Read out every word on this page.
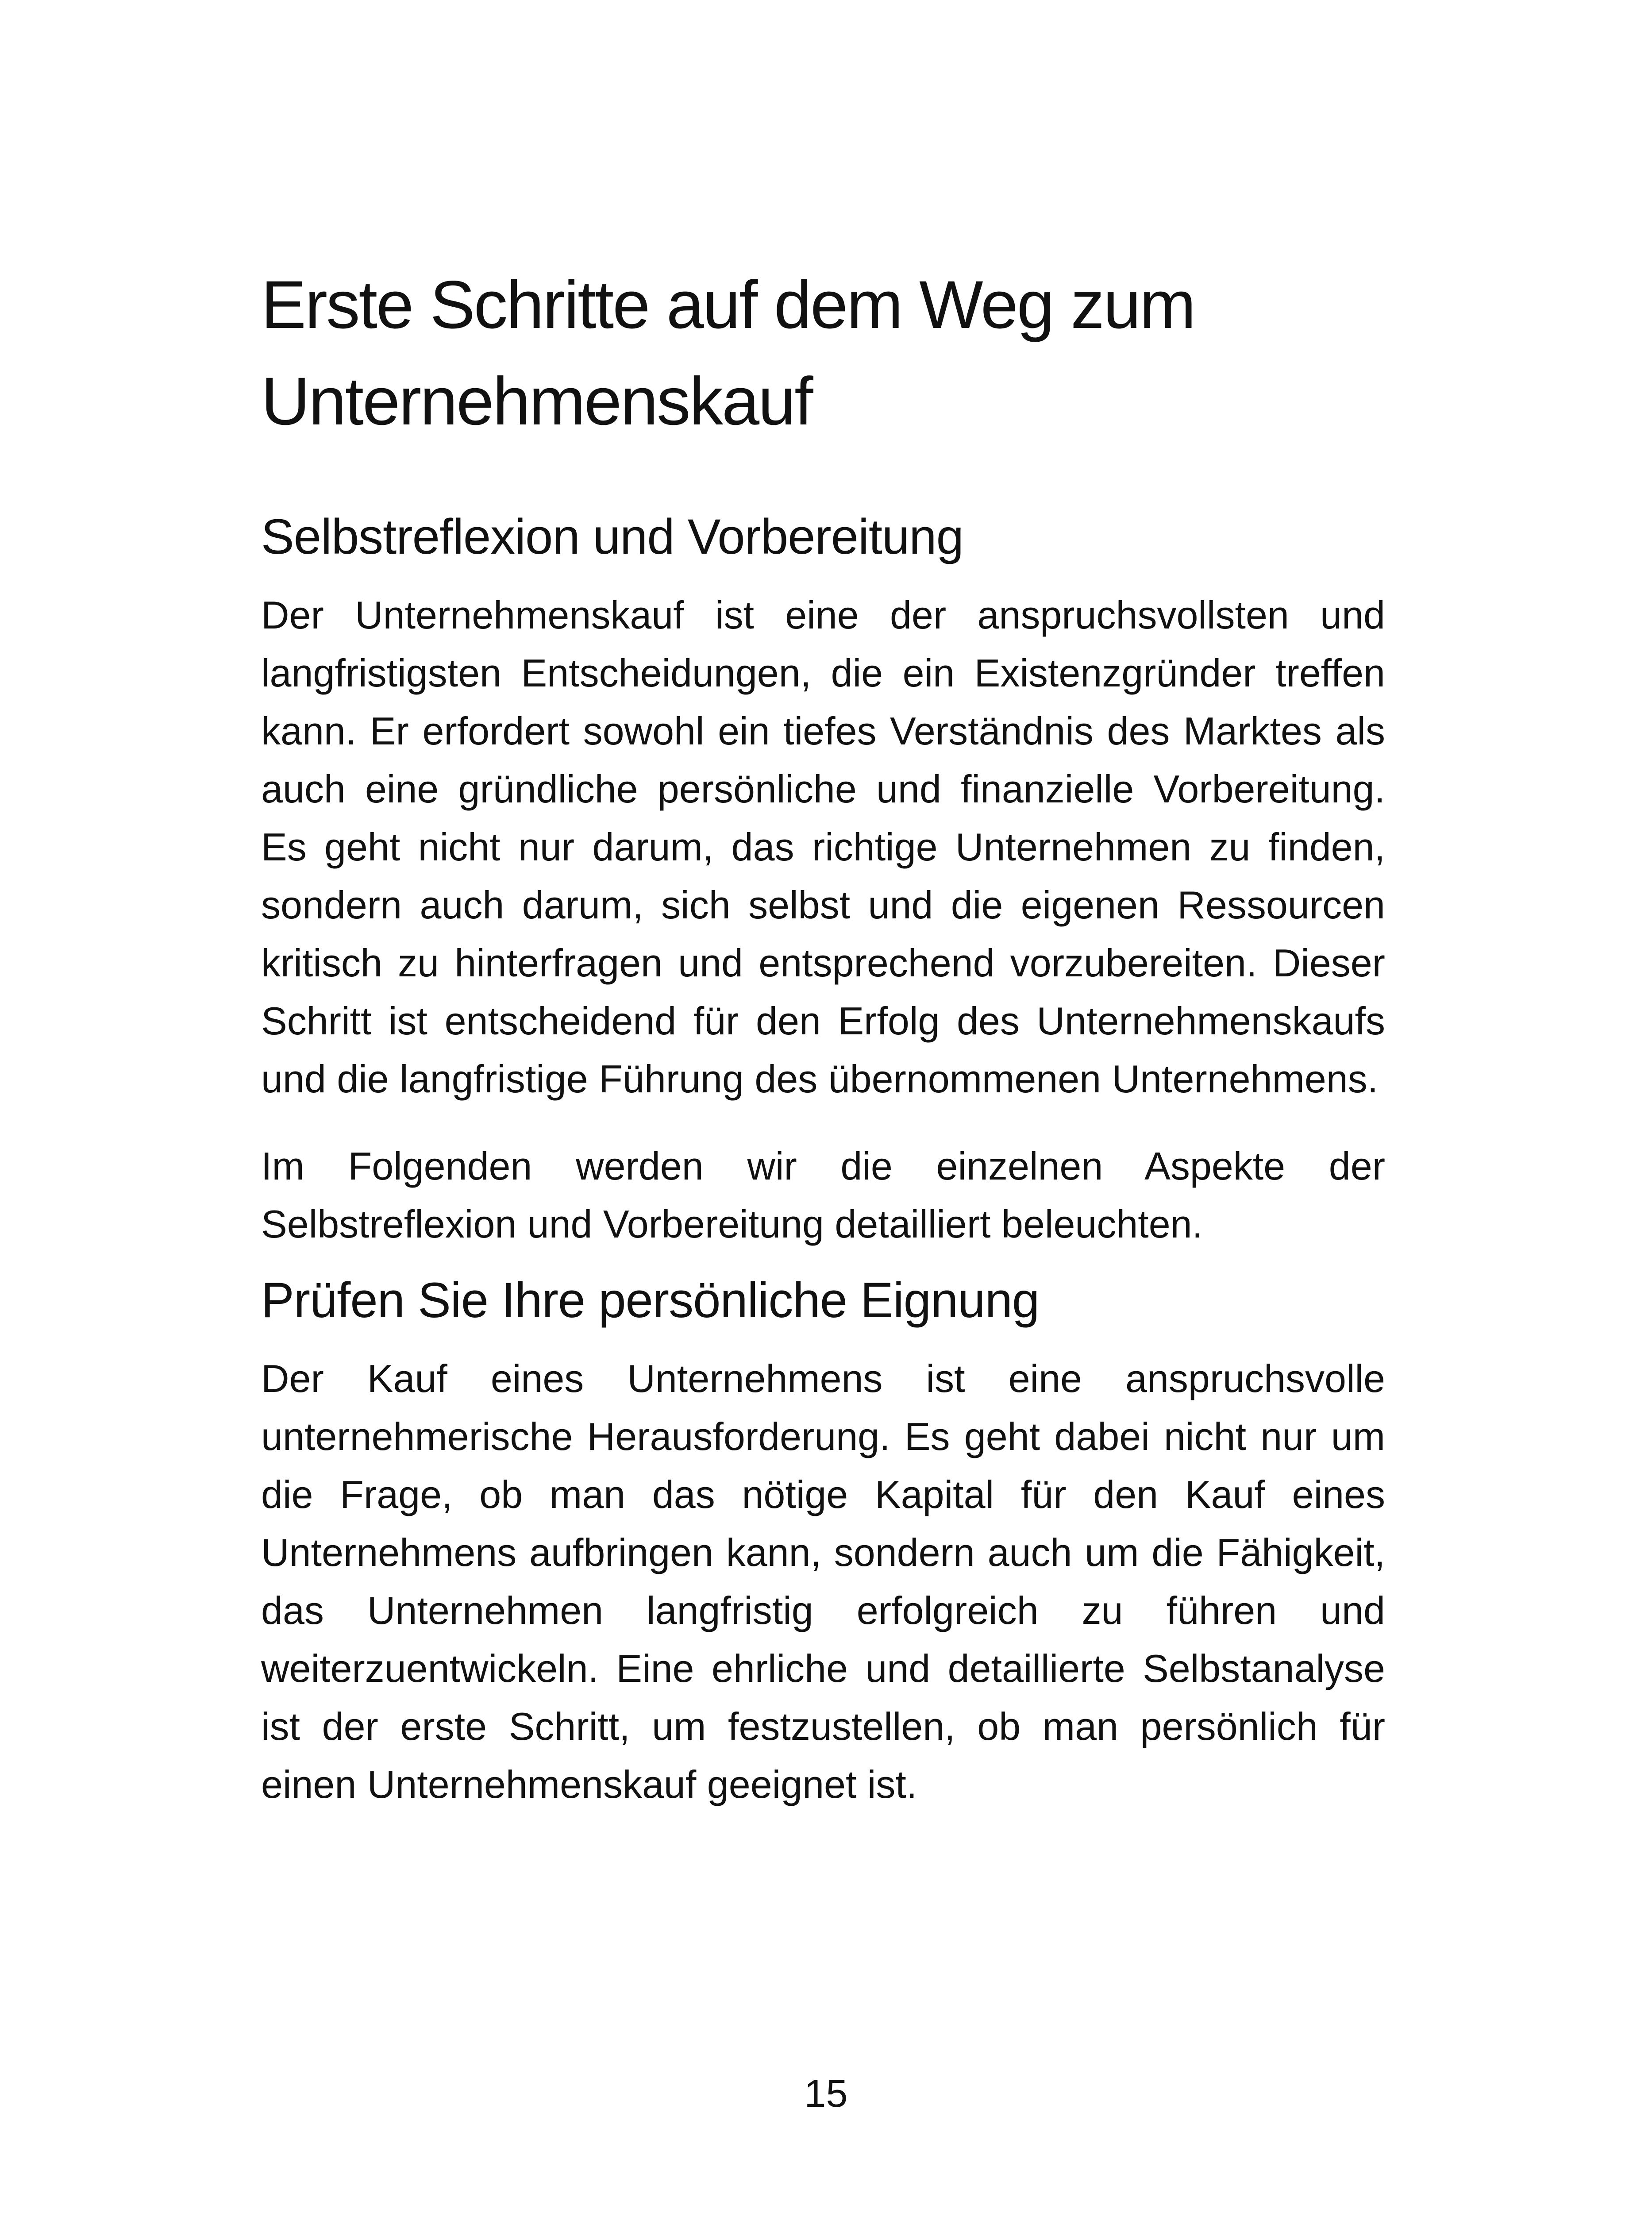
Erste Schritte auf dem Weg zum Unternehmenskauf
Selbstreflexion und Vorbereitung

Der Unternehmenskauf ist eine der anspruchsvollsten und langfristigsten Entscheidungen, die ein Existenzgründer treffen kann. Er erfordert sowohl ein tiefes Verständnis des Marktes als auch eine gründliche persönliche und finanzielle Vorbereitung. Es geht nicht nur darum, das richtige Unternehmen zu finden, sondern auch darum, sich selbst und die eigenen Ressourcen kritisch zu hinterfragen und entsprechend vorzubereiten. Dieser Schritt ist entscheidend für den Erfolg des Unternehmenskaufs und die langfristige Führung des übernommenen Unternehmens.

Im Folgenden werden wir die einzelnen Aspekte der Selbstreflexion und Vorbereitung detailliert beleuchten.

Prüfen Sie Ihre persönliche Eignung

Der Kauf eines Unternehmens ist eine anspruchsvolle unternehmerische Herausforderung. Es geht dabei nicht nur um die Frage, ob man das nötige Kapital für den Kauf eines Unternehmens aufbringen kann, sondern auch um die Fähigkeit, das Unternehmen langfristig erfolgreich zu führen und weiterzuentwickeln. Eine ehrliche und detaillierte Selbstanalyse ist der erste Schritt, um festzustellen, ob man persönlich für einen Unternehmenskauf geeignet ist.

15
